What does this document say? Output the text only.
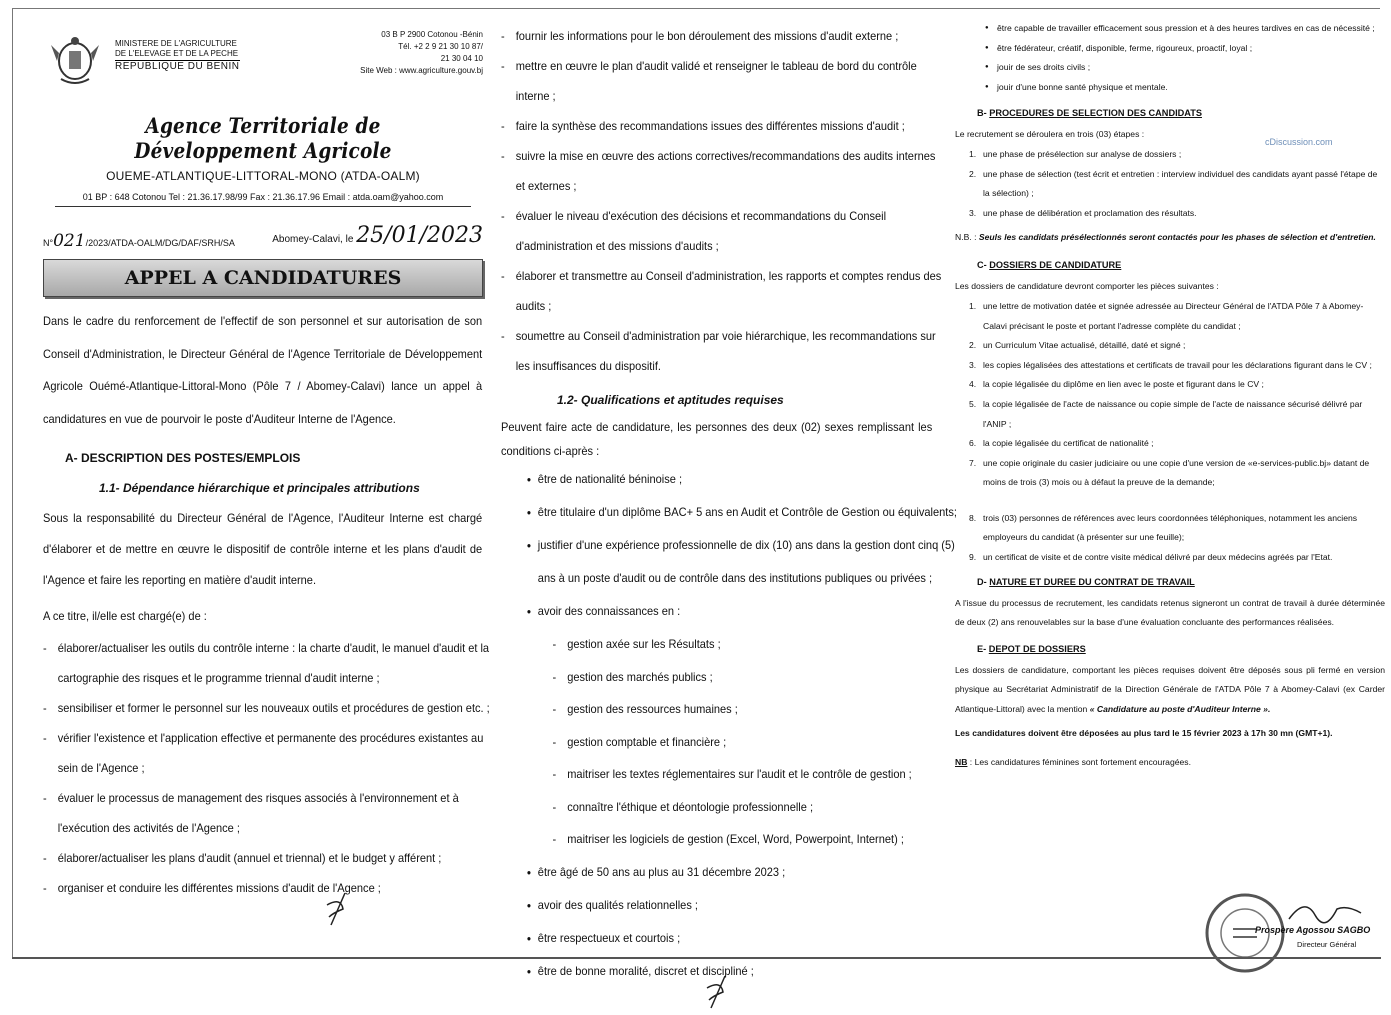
MINISTERE DE L'AGRICULTURE
DE L'ELEVAGE ET DE LA PECHE
REPUBLIQUE DU BENIN
03 B P 2900 Cotonou -Bénin
Tél. +2 2 9 21 30 10 87/
21 30 04 10
Site Web : www.agriculture.gouv.bj
Agence Territoriale de Développement Agricole
OUEME-ATLANTIQUE-LITTORAL-MONO (ATDA-OALM)
01 BP : 648 Cotonou Tel : 21.36.17.98/99 Fax : 21.36.17.96 Email : atda.oam@yahoo.com
N°021/2023/ATDA-OALM/DG/DAF/SRH/SA	Abomey-Calavi, le 25/01/2023
APPEL A CANDIDATURES

Dans le cadre du renforcement de l'effectif de son personnel et sur autorisation de son Conseil d'Administration, le Directeur Général de l'Agence Territoriale de Développement Agricole Ouémé-Atlantique-Littoral-Mono (Pôle 7 / Abomey-Calavi) lance un appel à candidatures en vue de pourvoir le poste d'Auditeur Interne de l'Agence.

A- DESCRIPTION DES POSTES/EMPLOIS
1.1- Dépendance hiérarchique et principales attributions

Sous la responsabilité du Directeur Général de l'Agence, l'Auditeur Interne est chargé d'élaborer et de mettre en œuvre le dispositif de contrôle interne et les plans d'audit de l'Agence et faire les reporting en matière d'audit interne.

A ce titre, il/elle est chargé(e) de :

- élaborer/actualiser les outils du contrôle interne : la charte d'audit, le manuel d'audit et la cartographie des risques et le programme triennal d'audit interne ;
- sensibiliser et former le personnel sur les nouveaux outils et procédures de gestion etc. ;
- vérifier l'existence et l'application effective et permanente des procédures existantes au sein de l'Agence ;
- évaluer le processus de management des risques associés à l'environnement et à l'exécution des activités de l'Agence ;
- élaborer/actualiser les plans d'audit (annuel et triennal) et le budget y afférent ;
- organiser et conduire les différentes missions d'audit de l'Agence ;
- fournir les informations pour le bon déroulement des missions d'audit externe ;
- mettre en œuvre le plan d'audit validé et renseigner le tableau de bord du contrôle interne ;
- faire la synthèse des recommandations issues des différentes missions d'audit ;
- suivre la mise en œuvre des actions correctives/recommandations des audits internes et externes ;
- évaluer le niveau d'exécution des décisions et recommandations du Conseil d'administration et des missions d'audits ;
- élaborer et transmettre au Conseil d'administration, les rapports et comptes rendus des audits ;
- soumettre au Conseil d'administration par voie hiérarchique, les recommandations sur les insuffisances du dispositif.
1.2- Qualifications et aptitudes requises

Peuvent faire acte de candidature, les personnes des deux (02) sexes remplissant les conditions ci-après :

● être de nationalité béninoise ;
● être titulaire d'un diplôme BAC+ 5 ans en Audit et Contrôle de Gestion ou équivalents;
● justifier d'une expérience professionnelle de dix (10) ans dans la gestion dont cinq (5) ans à un poste d'audit ou de contrôle dans des institutions publiques ou privées ;
● avoir des connaissances en :
- gestion axée sur les Résultats ;
- gestion des marchés publics ;
- gestion des ressources humaines ;
- gestion comptable et financière ;
- maitriser les textes réglementaires sur l'audit et le contrôle de gestion ;
- connaître l'éthique et déontologie professionnelle ;
- maitriser les logiciels de gestion (Excel, Word, Powerpoint, Internet) ;
● être âgé de 50 ans au plus au 31 décembre 2023 ;
● avoir des qualités relationnelles ;
● être respectueux et courtois ;
● être de bonne moralité, discret et discipliné ;
● être capable de travailler efficacement sous pression et à des heures tardives en cas de nécessité ;
● être fédérateur, créatif, disponible, ferme, rigoureux, proactif, loyal ;
● jouir de ses droits civils ;
● jouir d'une bonne santé physique et mentale.
B- PROCEDURES DE SELECTION DES CANDIDATS
cDiscussion.com

Le recrutement se déroulera en trois (03) étapes :

1. une phase de présélection sur analyse de dossiers ;
2. une phase de sélection (test écrit et entretien : interview individuel des candidats ayant passé l'étape de la sélection) ;
3. une phase de délibération et proclamation des résultats.

N.B. : Seuls les candidats présélectionnés seront contactés pour les phases de sélection et d'entretien.

C- DOSSIERS DE CANDIDATURE

Les dossiers de candidature devront comporter les pièces suivantes :

1. une lettre de motivation datée et signée adressée au Directeur Général de l'ATDA Pôle 7 à Abomey-Calavi précisant le poste et portant l'adresse complète du candidat ;
2. un Curriculum Vitae actualisé, détaillé, daté et signé ;
3. les copies légalisées des attestations et certificats de travail pour les déclarations figurant dans le CV ;
4. la copie légalisée du diplôme en lien avec le poste et figurant dans le CV ;
5. la copie légalisée de l'acte de naissance ou copie simple de l'acte de naissance sécurisé délivré par l'ANIP ;
6. la copie légalisée du certificat de nationalité ;
7. une copie originale du casier judiciaire ou une copie d'une version de «e-services-public.bj» datant de moins de trois (3) mois ou à défaut la preuve de la demande;
8. trois (03) personnes de références avec leurs coordonnées téléphoniques, notamment les anciens employeurs du candidat (à présenter sur une feuille);
9. un certificat de visite et de contre visite médical délivré par deux médecins agréés par l'Etat.
D- NATURE ET DUREE DU CONTRAT DE TRAVAIL

A l'issue du processus de recrutement, les candidats retenus signeront un contrat de travail à durée déterminée de deux (2) ans renouvelables sur la base d'une évaluation concluante des performances réalisées.

E- DEPOT DE DOSSIERS

Les dossiers de candidature, comportant les pièces requises doivent être déposés sous pli fermé en version physique au Secrétariat Administratif de la Direction Générale de l'ATDA Pôle 7 à Abomey-Calavi (ex Carder Atlantique-Littoral) avec la mention « Candidature au poste d'Auditeur Interne ».

Les candidatures doivent être déposées au plus tard le 15 février 2023 à 17h 30 mn (GMT+1).

NB : Les candidatures féminines sont fortement encouragées.

Prospère Agossou SAGBO
Directeur Général
